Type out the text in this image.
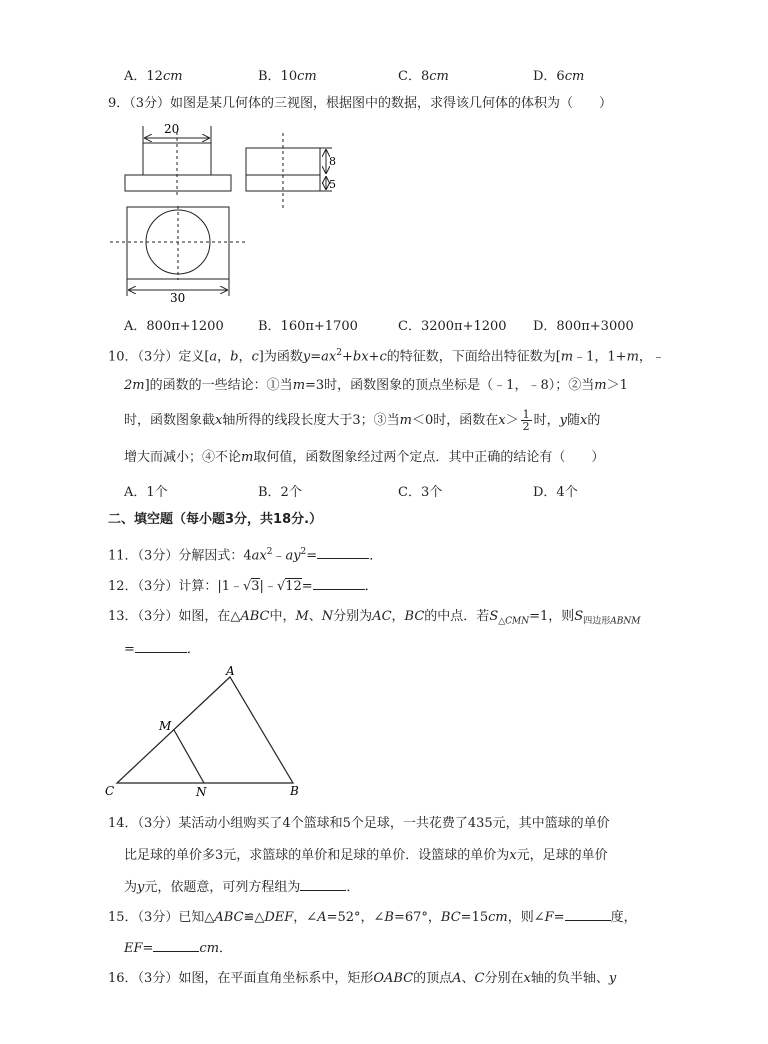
A．12cm	B．10cm	C．8cm	D．6cm
9．（3分）如图是某几何体的三视图，根据图中的数据，求得该几何体的体积为（　　）
20
8
5
30
A．800π+1200	B．160π+1700	C．3200π+1200 D．800π+3000
10．（3分）定义[a，b，c]为函数$y=ax^2+bx+c$的特征数，下面给出特征数为[m﹣1，1+m，﹣
2m]的函数的一些结论：①当m=3时，函数图象的顶点坐标是（﹣1，﹣8）；②当m＞1
时，函数图象截x轴所得的线段长度大于3；③当m＜0时，函数在$x> \frac{1}{2}$ 时，y随x的
增大而减小；④不论m取何值，函数图象经过两个定点．其中正确的结论有（　　）
A．1个	B．2个	C．3个	D．4个
二、填空题（每小题3分，共18分.）
11．（3分）分解因式：$4ax^2﹣ay^2=$	．
12．（3分）计算：|1﹣√3|﹣√12=	．
13．（3分）如图，在△ABC中，M、N分别为AC，BC的中点．若$S_{\triangle CMN}=1$，则$S_{四边形ABNM}$
=	．
A
M
C	N	B
14．（3分）某活动小组购买了4个篮球和5个足球，一共花费了435元，其中篮球的单价
比足球的单价多3元，求篮球的单价和足球的单价．设篮球的单价为x元，足球的单价
为y元，依题意，可列方程组为	．
15．（3分）已知△ABC≌△DEF，∠A=52°，∠B=67°，BC=15cm，则∠F=	度，
EF=	cm．
16．（3分）如图，在平面直角坐标系中，矩形OABC的顶点A、C分别在x轴的负半轴、y
